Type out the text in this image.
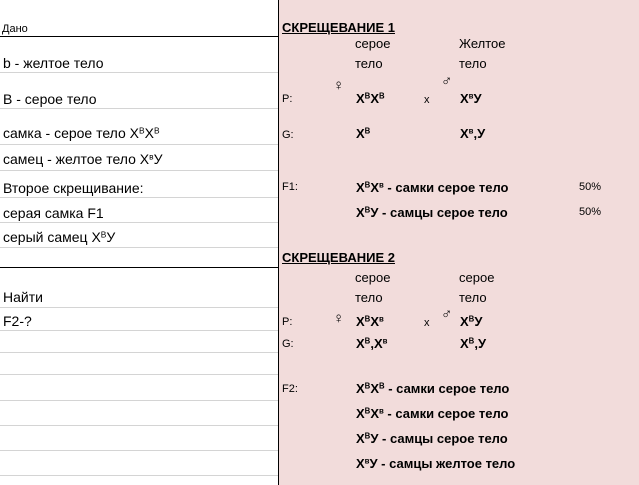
Дано
b - желтое тело
B - серое тело
самка - серое тело $X^BX^B$
самец - желтое тело $X^вУ$
Второе скрещивание:
серая самка F1
серый самец $X^BУ$
Найти
F2-?
СКРЕЩЕВАНИЕ 1
серое
тело
Желтое
тело
♀	♂
P:	$X^BX^B$	x $X^вУ$
G:	$X^B$	$X^в,У$
F1:	$X^BX^в$ - самки серое тело	50%
$X^BУ$ - самцы серое тело	50%
СКРЕЩЕВАНИЕ 2
серое
тело
серое
тело
P:	♀ $X^BX^в$	x ♂ $X^BУ$
G:	$X^B,X^в$	$X^B,У$
F2:	$X^BX^B$ - самки серое тело
$X^BX^в$ - самки серое тело
$X^BУ$ - самцы серое тело
$X^вУ$ - самцы желтое тело
